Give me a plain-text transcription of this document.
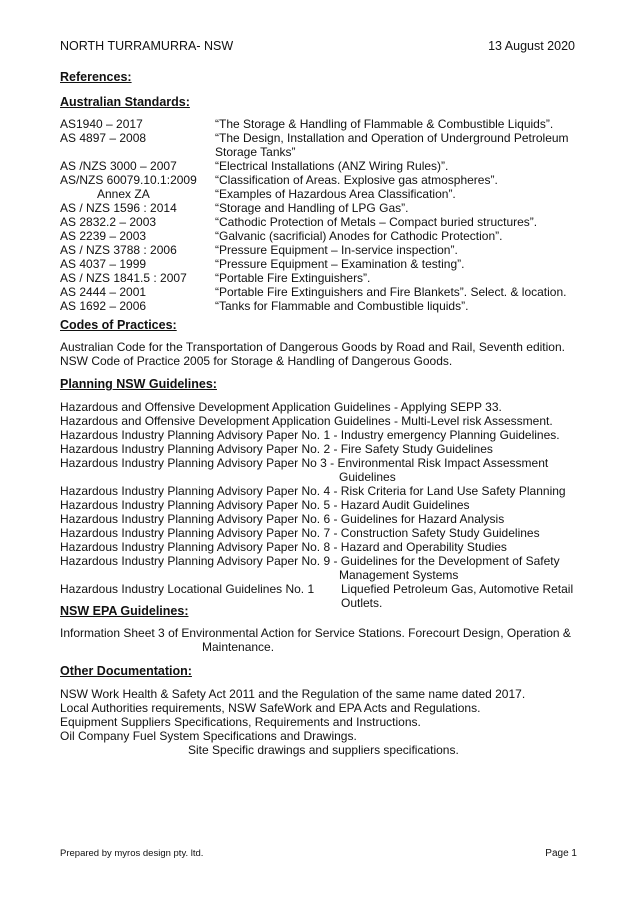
NORTH TURRAMURRA- NSW	13 August 2020
References:
Australian Standards:
AS1940 – 2017	“The Storage & Handling of Flammable & Combustible Liquids”.
AS 4897 – 2008	“The Design, Installation and Operation of Underground Petroleum Storage Tanks”
AS /NZS 3000 – 2007	“Electrical Installations (ANZ Wiring Rules)”.
AS/NZS 60079.10.1:2009	“Classification of Areas. Explosive gas atmospheres”.
Annex ZA	“Examples of Hazardous Area Classification”.
AS / NZS 1596 : 2014	“Storage and Handling of LPG Gas”.
AS 2832.2 – 2003	“Cathodic Protection of Metals – Compact buried structures”.
AS 2239 – 2003	“Galvanic (sacrificial) Anodes for Cathodic Protection”.
AS / NZS 3788 : 2006	“Pressure Equipment – In-service inspection”.
AS 4037 – 1999	“Pressure Equipment – Examination & testing”.
AS / NZS 1841.5 : 2007	“Portable Fire Extinguishers”.
AS 2444 – 2001	“Portable Fire Extinguishers and Fire Blankets”. Select. & location.
AS 1692 – 2006	“Tanks for Flammable and Combustible liquids”.
Codes of Practices:
Australian Code for the Transportation of Dangerous Goods by Road and Rail, Seventh edition.
NSW Code of Practice 2005 for Storage & Handling of Dangerous Goods.
Planning NSW Guidelines:
Hazardous and Offensive Development Application Guidelines - Applying SEPP 33.
Hazardous and Offensive Development Application Guidelines - Multi-Level risk Assessment.
Hazardous Industry Planning Advisory Paper No. 1 - Industry emergency Planning Guidelines.
Hazardous Industry Planning Advisory Paper No. 2 - Fire Safety Study Guidelines
Hazardous Industry Planning Advisory Paper No 3 - Environmental Risk Impact Assessment
Guidelines
Hazardous Industry Planning Advisory Paper No. 4 - Risk Criteria for Land Use Safety Planning
Hazardous Industry Planning Advisory Paper No. 5 - Hazard Audit Guidelines
Hazardous Industry Planning Advisory Paper No. 6 - Guidelines for Hazard Analysis
Hazardous Industry Planning Advisory Paper No. 7 - Construction Safety Study Guidelines
Hazardous Industry Planning Advisory Paper No. 8 - Hazard and Operability Studies
Hazardous Industry Planning Advisory Paper No. 9 - Guidelines for the Development of Safety
Management Systems
Hazardous Industry Locational Guidelines No. 1	Liquefied Petroleum Gas, Automotive Retail Outlets.
NSW EPA Guidelines:
Information Sheet 3 of Environmental Action for Service Stations. Forecourt Design, Operation &
Maintenance.
Other Documentation:
NSW Work Health & Safety Act 2011 and the Regulation of the same name dated 2017.
Local Authorities requirements, NSW SafeWork and EPA Acts and Regulations.
Equipment Suppliers Specifications, Requirements and Instructions.
Oil Company Fuel System Specifications and Drawings.
Site Specific drawings and suppliers specifications.
Prepared by myros design pty. ltd.	Page 1
